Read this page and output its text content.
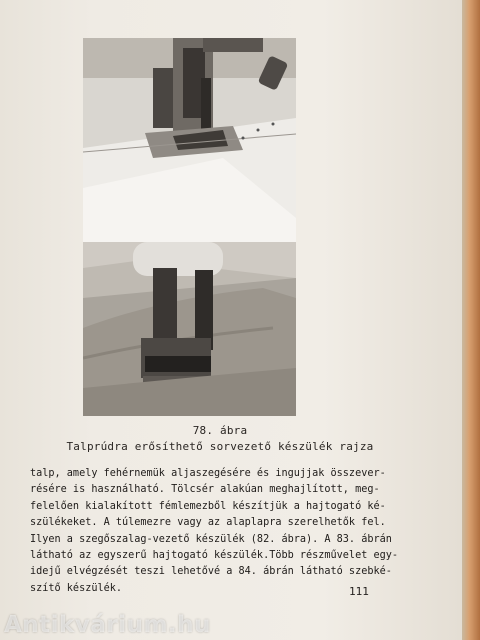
78. ábra
Talprúdra erősíthető sorvezető készülék rajza
talp, amely fehérnemük aljaszegésére és ingujjak összever-
résére is használható. Tölcsér alakúan meghajlított, meg-
felelően kialakított fémlemezből készítjük a hajtogató ké-
szülékeket. A túlemezre vagy az alaplapra szerelhetők fel.
Ilyen a szegőszalag-vezető készülék (82. ábra). A 83. ábrán
látható az egyszerű hajtogató készülék.Több részművelet egy-
idejű elvégzését teszi lehetővé a 84. ábrán látható szebké-
szítő készülék.	111
Antikvárium.hu
